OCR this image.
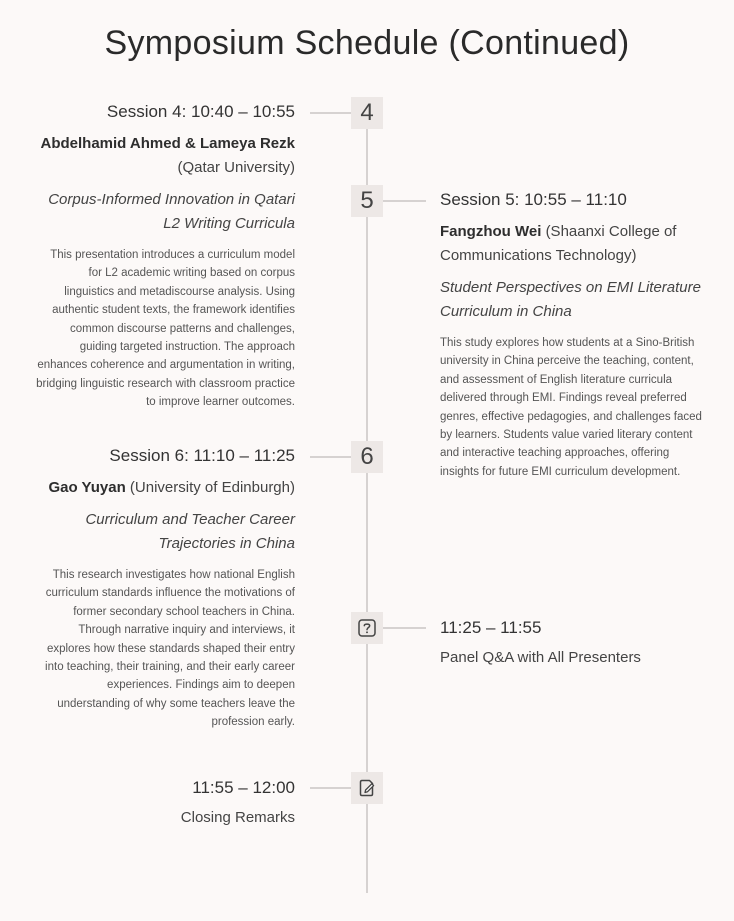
Symposium Schedule (Continued)
4
Session 4: 10:40 – 10:55
Abdelhamid Ahmed & Lameya Rezk
(Qatar University)
Corpus-Informed Innovation in Qatari L2 Writing Curricula
This presentation introduces a curriculum model for L2 academic writing based on corpus linguistics and metadiscourse analysis. Using authentic student texts, the framework identifies common discourse patterns and challenges, guiding targeted instruction. The approach enhances coherence and argumentation in writing, bridging linguistic research with classroom practice to improve learner outcomes.
5	Session 5: 10:55 – 11:10
Fangzhou Wei (Shaanxi College of Communications Technology)
Student Perspectives on EMI Literature Curriculum in China
This study explores how students at a Sino-British university in China perceive the teaching, content, and assessment of English literature curricula delivered through EMI. Findings reveal preferred genres, effective pedagogies, and challenges faced by learners. Students value varied literary content and interactive teaching approaches, offering insights for future EMI curriculum development.
6
Session 6: 11:10 – 11:25
Gao Yuyan (University of Edinburgh)
Curriculum and Teacher Career Trajectories in China
This research investigates how national English curriculum standards influence the motivations of former secondary school teachers in China. Through narrative inquiry and interviews, it explores how these standards shaped their entry into teaching, their training, and their early career experiences. Findings aim to deepen understanding of why some teachers leave the profession early.
11:25 – 11:55
Panel Q&A with All Presenters
11:55 – 12:00
Closing Remarks
